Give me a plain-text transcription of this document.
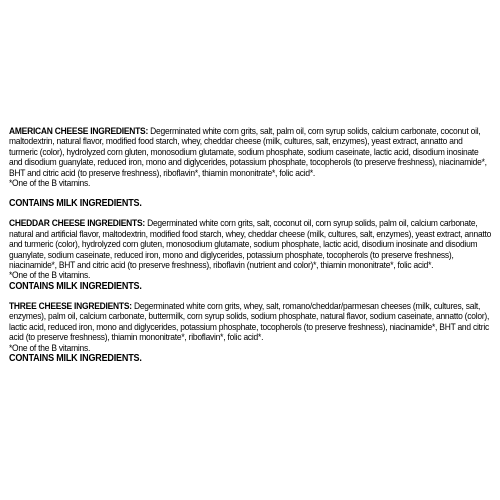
AMERICAN CHEESE INGREDIENTS: Degerminated white corn grits, salt, palm oil, corn syrup solids, calcium carbonate, coconut oil, maltodextrin, natural flavor, modified food starch, whey, cheddar cheese (milk, cultures, salt, enzymes), yeast extract, annatto and turmeric (color), hydrolyzed corn gluten, monosodium glutamate, sodium phosphate, sodium caseinate, lactic acid, disodium inosinate and disodium guanylate, reduced iron, mono and diglycerides, potassium phosphate, tocopherols (to preserve freshness), niacinamide*, BHT and citric acid (to preserve freshness), riboflavin*, thiamin mononitrate*, folic acid*.
*One of the B vitamins.

CONTAINS MILK INGREDIENTS.

CHEDDAR CHEESE INGREDIENTS: Degerminated white corn grits, salt, coconut oil, corn syrup solids, palm oil, calcium carbonate, natural and artificial flavor, maltodextrin, modified food starch, whey, cheddar cheese (milk, cultures, salt, enzymes), yeast extract, annatto and turmeric (color), hydrolyzed corn gluten, monosodium glutamate, sodium phosphate, lactic acid, disodium inosinate and disodium guanylate, sodium caseinate, reduced iron, mono and diglycerides, potassium phosphate, tocopherols (to preserve freshness), niacinamide*, BHT and citric acid (to preserve freshness), riboflavin (nutrient and color)*, thiamin mononitrate*, folic acid*.
*One of the B vitamins.

CONTAINS MILK INGREDIENTS.

THREE CHEESE INGREDIENTS: Degerminated white corn grits, whey, salt, romano/cheddar/parmesan cheeses (milk, cultures, salt, enzymes), palm oil, calcium carbonate, buttermilk, corn syrup solids, sodium phosphate, natural flavor, sodium caseinate, annatto (color), lactic acid, reduced iron, mono and diglycerides, potassium phosphate, tocopherols (to preserve freshness), niacinamide*, BHT and citric acid (to preserve freshness), thiamin mononitrate*, riboflavin*, folic acid*.
*One of the B vitamins.

CONTAINS MILK INGREDIENTS.
